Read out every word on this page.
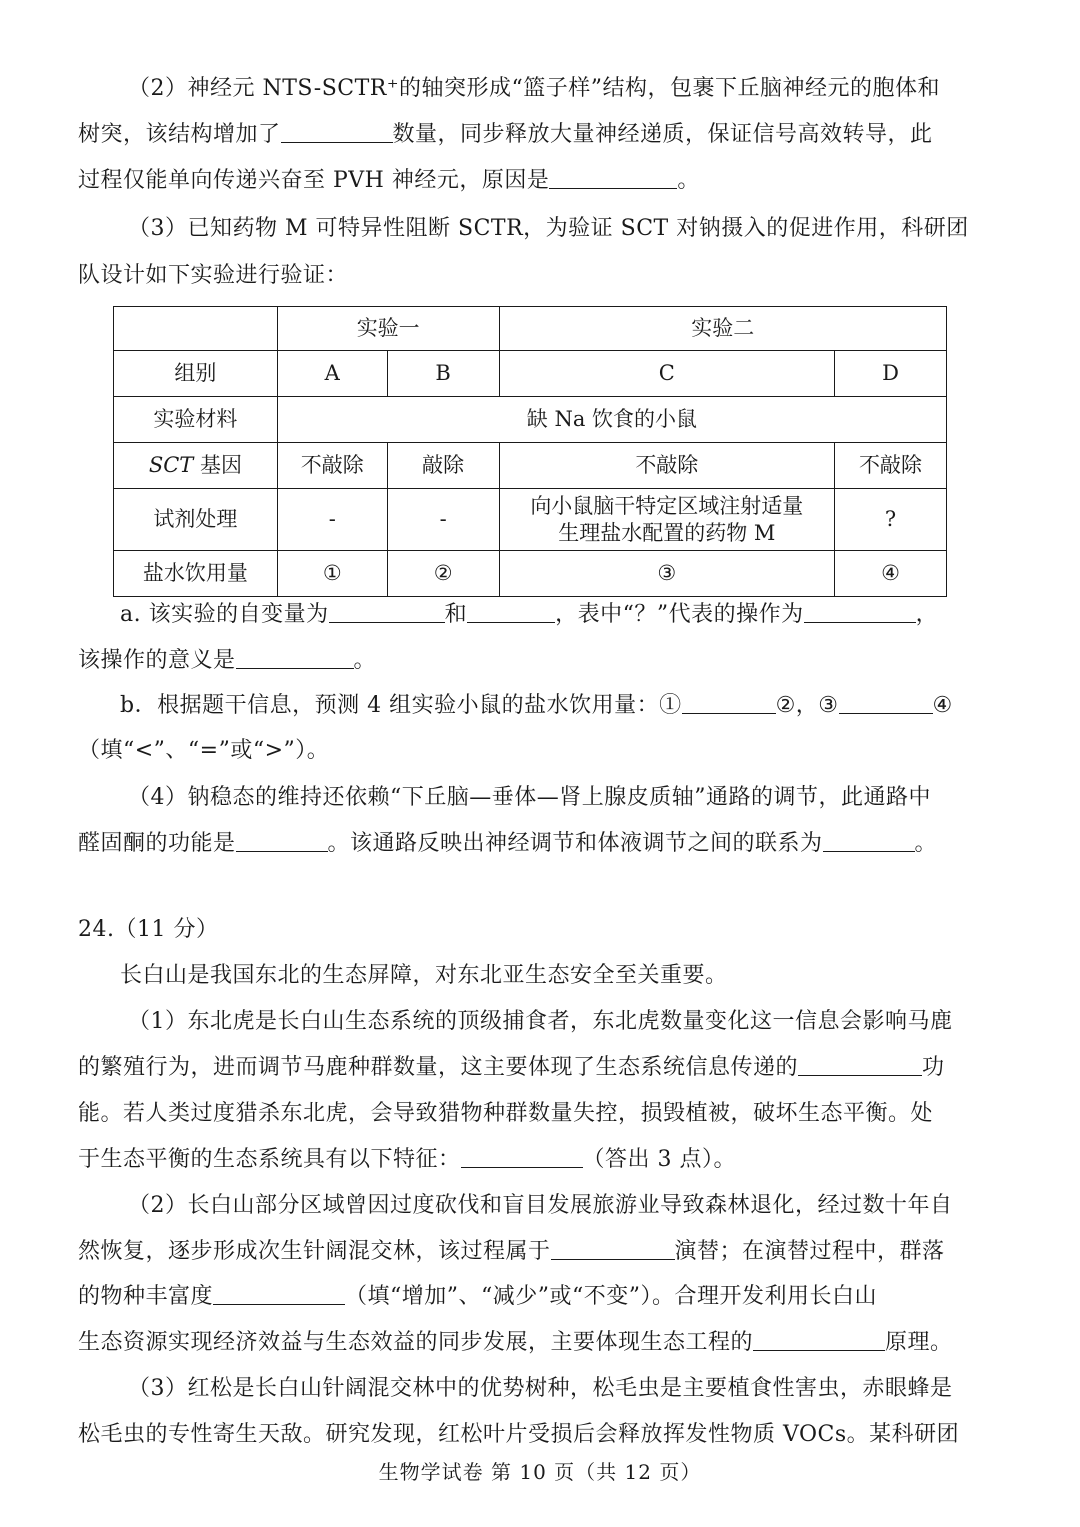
（2）神经元 NTS-SCTR⁺的轴突形成“篮子样”结构，包裹下丘脑神经元的胞体和
树突，该结构增加了	数量，同步释放大量神经递质，保证信号高效转导，此
过程仅能单向传递兴奋至 PVH 神经元，原因是	。
（3）已知药物 M 可特异性阻断 SCTR，为验证 SCT 对钠摄入的促进作用，科研团
队设计如下实验进行验证：
	实验一		实验二	
组别	A	B	C	D
实验材料	缺 Na 饮食的小鼠			
SCT 基因	不敲除	敲除	不敲除	不敲除
试剂处理	-	-	向小鼠脑干特定区域注射适量
生理盐水配置的药物 M	?
盐水饮用量	①	②	③	④
a. 该实验的自变量为	和	，表中“？”代表的操作为	，
该操作的意义是	。
b．根据题干信息，预测 4 组实验小鼠的盐水饮用量：①	②，③	④
（填“<”、“=”或“>”）。
（4）钠稳态的维持还依赖“下丘脑—垂体—肾上腺皮质轴”通路的调节，此通路中
醛固酮的功能是	。该通路反映出神经调节和体液调节之间的联系为	。
24.（11 分）
长白山是我国东北的生态屏障，对东北亚生态安全至关重要。
（1）东北虎是长白山生态系统的顶级捕食者，东北虎数量变化这一信息会影响马鹿
的繁殖行为，进而调节马鹿种群数量，这主要体现了生态系统信息传递的	功
能。若人类过度猎杀东北虎，会导致猎物种群数量失控，损毁植被，破坏生态平衡。处
于生态平衡的生态系统具有以下特征：	（答出 3 点）。
（2）长白山部分区域曾因过度砍伐和盲目发展旅游业导致森林退化，经过数十年自
然恢复，逐步形成次生针阔混交林，该过程属于	演替；在演替过程中，群落
的物种丰富度	（填“增加”、“减少”或“不变”）。合理开发利用长白山
生态资源实现经济效益与生态效益的同步发展，主要体现生态工程的	原理。
（3）红松是长白山针阔混交林中的优势树种，松毛虫是主要植食性害虫，赤眼蜂是
松毛虫的专性寄生天敌。研究发现，红松叶片受损后会释放挥发性物质 VOCs。某科研团
生物学试卷 第 10 页（共 12 页）
